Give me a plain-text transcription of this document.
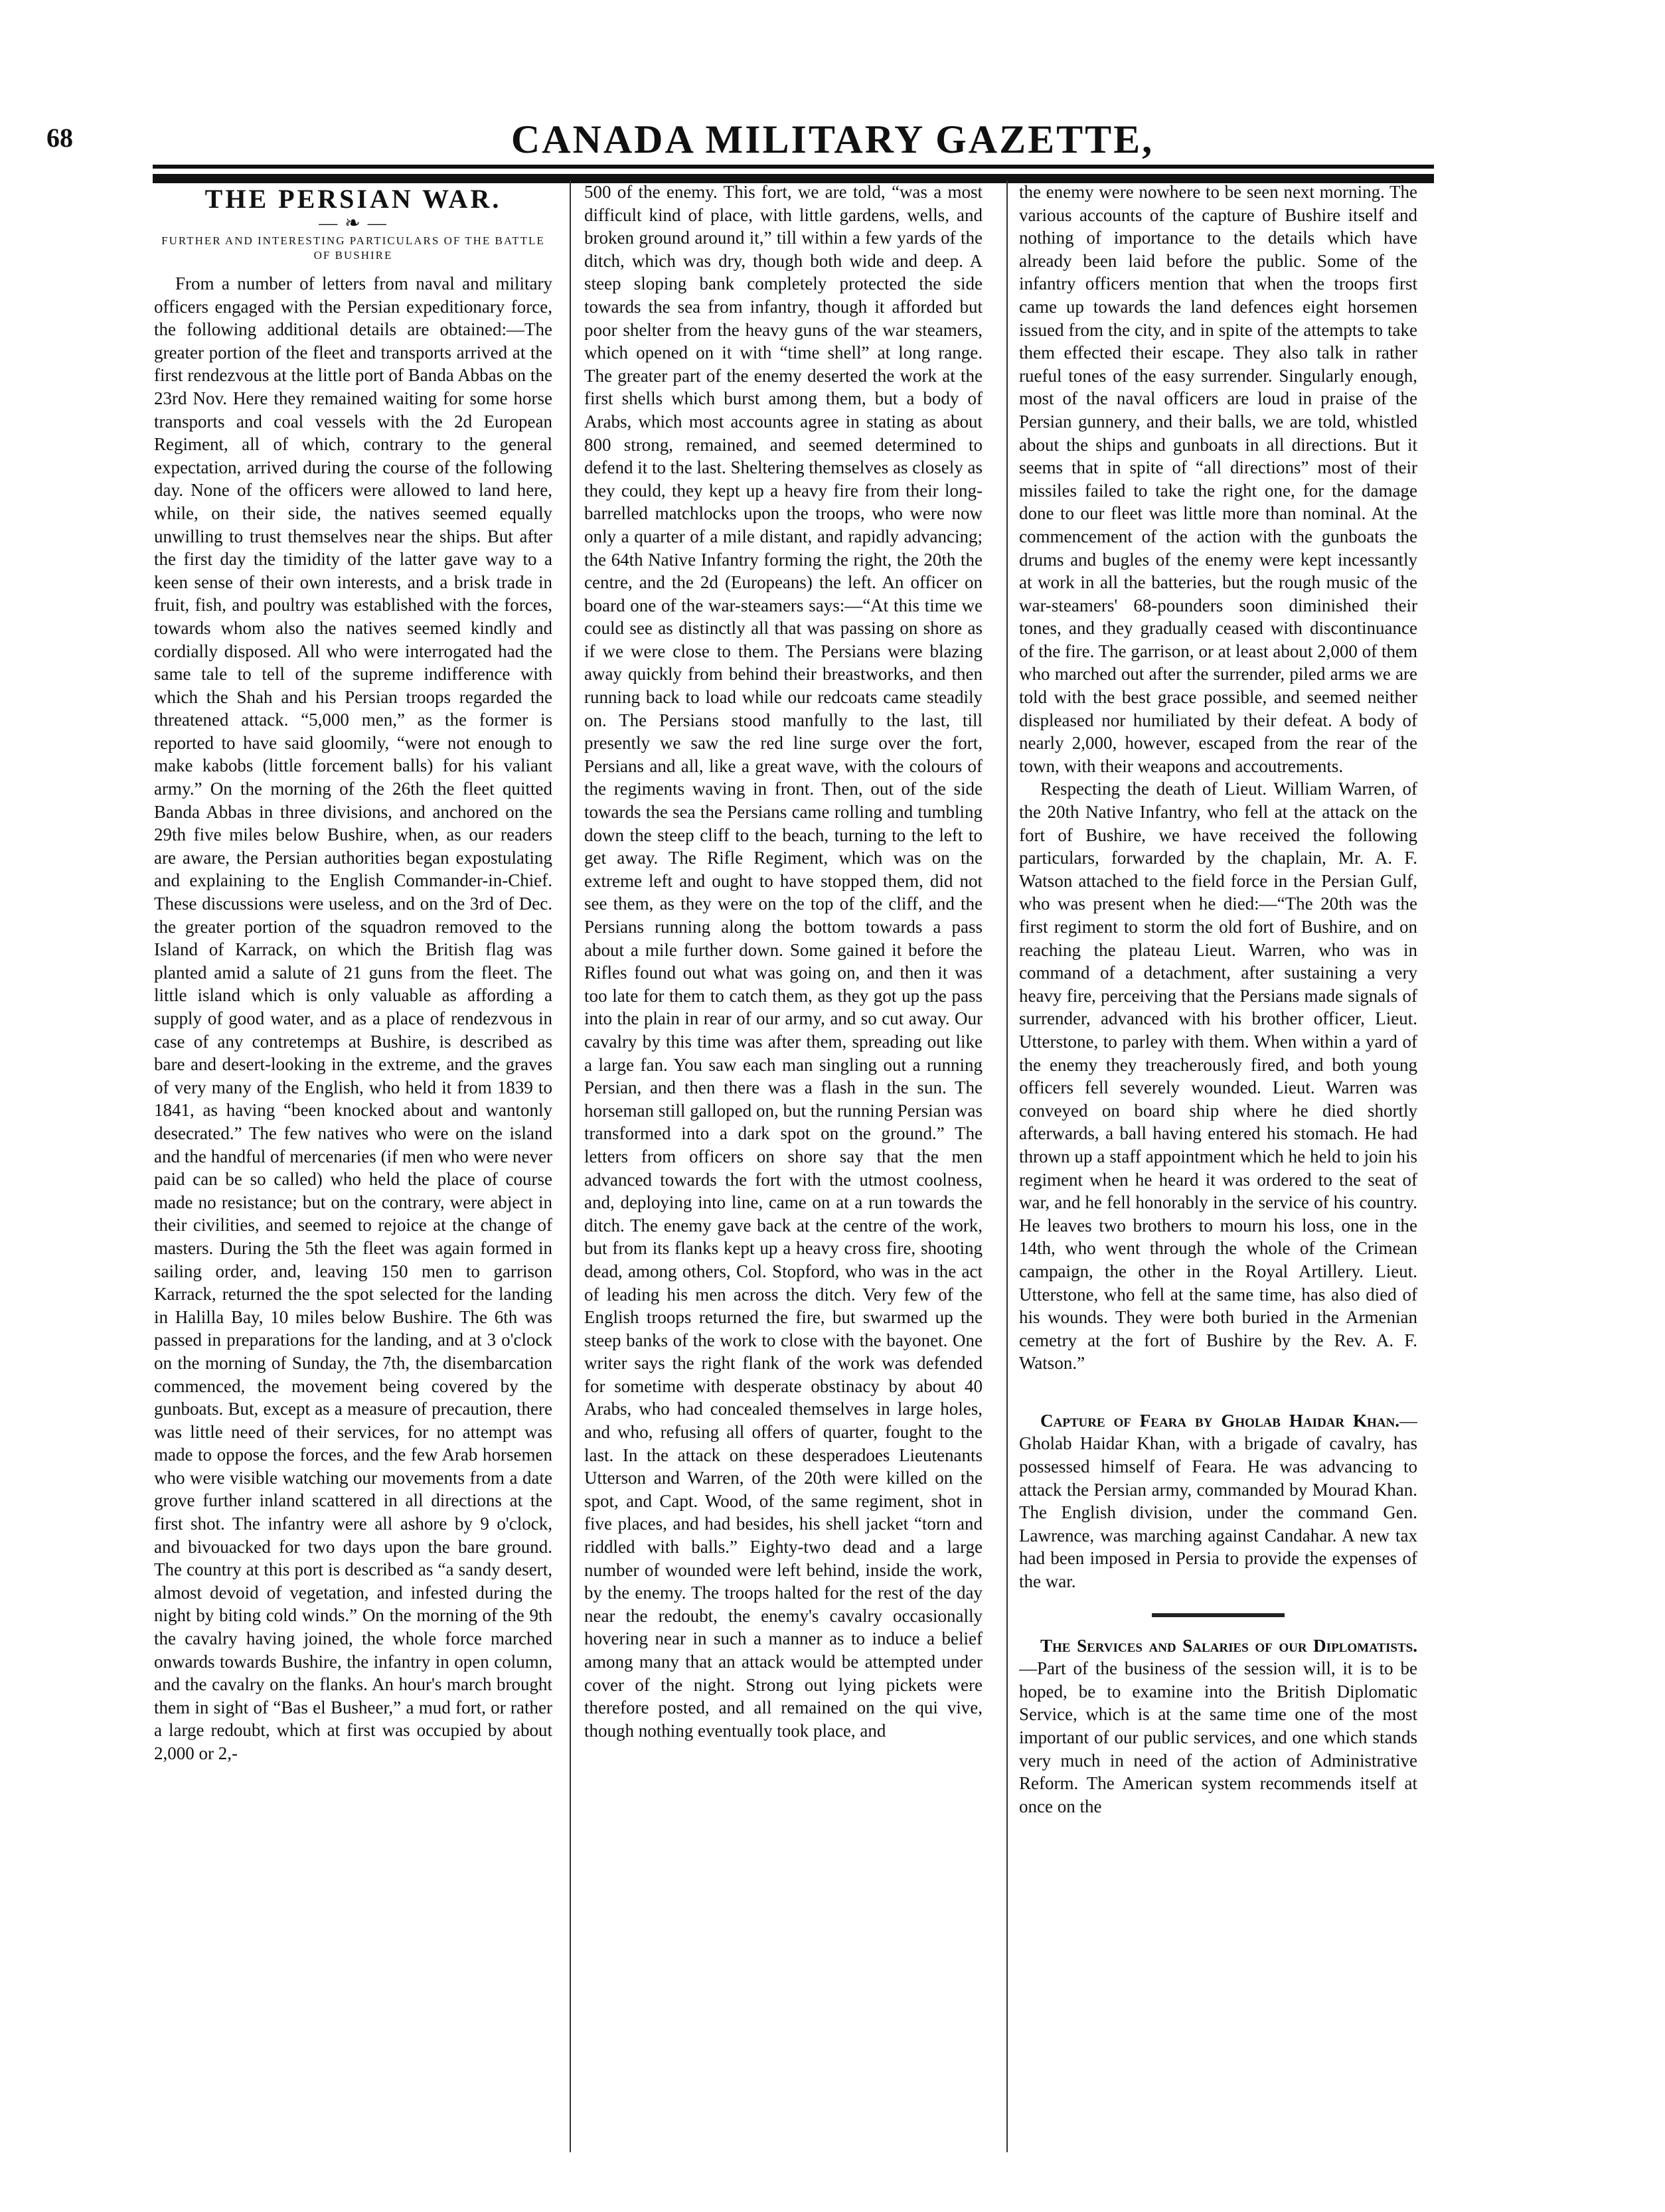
68	CANADA MILITARY GAZETTE,
THE PERSIAN WAR.
— ❧ —
FURTHER AND INTERESTING PARTICULARS OF THE BATTLE OF BUSHIRE

From a number of letters from naval and military officers engaged with the Persian expeditionary force, the following additional details are obtained:—The greater portion of the fleet and transports arrived at the first rendezvous at the little port of Banda Abbas on the 23rd Nov. Here they remained waiting for some horse transports and coal vessels with the 2d European Regiment, all of which, contrary to the general expectation, arrived during the course of the following day. None of the officers were allowed to land here, while, on their side, the natives seemed equally unwilling to trust themselves near the ships. But after the first day the timidity of the latter gave way to a keen sense of their own interests, and a brisk trade in fruit, fish, and poultry was established with the forces, towards whom also the natives seemed kindly and cordially disposed. All who were interrogated had the same tale to tell of the supreme indifference with which the Shah and his Persian troops regarded the threatened attack. “5,000 men,” as the former is reported to have said gloomily, “were not enough to make kabobs (little forcement balls) for his valiant army.” On the morning of the 26th the fleet quitted Banda Abbas in three divisions, and anchored on the 29th five miles below Bushire, when, as our readers are aware, the Persian authorities began expostulating and explaining to the English Commander-in-Chief. These discussions were useless, and on the 3rd of Dec. the greater portion of the squadron removed to the Island of Karrack, on which the British flag was planted amid a salute of 21 guns from the fleet. The little island which is only valuable as affording a supply of good water, and as a place of rendezvous in case of any contretemps at Bushire, is described as bare and desert-looking in the extreme, and the graves of very many of the English, who held it from 1839 to 1841, as having “been knocked about and wantonly desecrated.” The few natives who were on the island and the handful of mercenaries (if men who were never paid can be so called) who held the place of course made no resistance; but on the contrary, were abject in their civilities, and seemed to rejoice at the change of masters. During the 5th the fleet was again formed in sailing order, and, leaving 150 men to garrison Karrack, returned the the spot selected for the landing in Halilla Bay, 10 miles below Bushire. The 6th was passed in preparations for the landing, and at 3 o'clock on the morning of Sunday, the 7th, the disembarcation commenced, the movement being covered by the gunboats. But, except as a measure of precaution, there was little need of their services, for no attempt was made to oppose the forces, and the few Arab horsemen who were visible watching our movements from a date grove further inland scattered in all directions at the first shot. The infantry were all ashore by 9 o'clock, and bivouacked for two days upon the bare ground. The country at this port is described as “a sandy desert, almost devoid of vegetation, and infested during the night by biting cold winds.” On the morning of the 9th the cavalry having joined, the whole force marched onwards towards Bushire, the infantry in open column, and the cavalry on the flanks. An hour's march brought them in sight of “Bas el Busheer,” a mud fort, or rather a large redoubt, which at first was occupied by about 2,000 or 2,-

500 of the enemy. This fort, we are told, “was a most difficult kind of place, with little gardens, wells, and broken ground around it,” till within a few yards of the ditch, which was dry, though both wide and deep. A steep sloping bank completely protected the side towards the sea from infantry, though it afforded but poor shelter from the heavy guns of the war steamers, which opened on it with “time shell” at long range. The greater part of the enemy deserted the work at the first shells which burst among them, but a body of Arabs, which most accounts agree in stating as about 800 strong, remained, and seemed determined to defend it to the last. Sheltering themselves as closely as they could, they kept up a heavy fire from their long-barrelled matchlocks upon the troops, who were now only a quarter of a mile distant, and rapidly advancing; the 64th Native Infantry forming the right, the 20th the centre, and the 2d (Europeans) the left. An officer on board one of the war-steamers says:—“At this time we could see as distinctly all that was passing on shore as if we were close to them. The Persians were blazing away quickly from behind their breastworks, and then running back to load while our redcoats came steadily on. The Persians stood manfully to the last, till presently we saw the red line surge over the fort, Persians and all, like a great wave, with the colours of the regiments waving in front. Then, out of the side towards the sea the Persians came rolling and tumbling down the steep cliff to the beach, turning to the left to get away. The Rifle Regiment, which was on the extreme left and ought to have stopped them, did not see them, as they were on the top of the cliff, and the Persians running along the bottom towards a pass about a mile further down. Some gained it before the Rifles found out what was going on, and then it was too late for them to catch them, as they got up the pass into the plain in rear of our army, and so cut away. Our cavalry by this time was after them, spreading out like a large fan. You saw each man singling out a running Persian, and then there was a flash in the sun. The horseman still galloped on, but the running Persian was transformed into a dark spot on the ground.” The letters from officers on shore say that the men advanced towards the fort with the utmost coolness, and, deploying into line, came on at a run towards the ditch. The enemy gave back at the centre of the work, but from its flanks kept up a heavy cross fire, shooting dead, among others, Col. Stopford, who was in the act of leading his men across the ditch. Very few of the English troops returned the fire, but swarmed up the steep banks of the work to close with the bayonet. One writer says the right flank of the work was defended for sometime with desperate obstinacy by about 40 Arabs, who had concealed themselves in large holes, and who, refusing all offers of quarter, fought to the last. In the attack on these desperadoes Lieutenants Utterson and Warren, of the 20th were killed on the spot, and Capt. Wood, of the same regiment, shot in five places, and had besides, his shell jacket “torn and riddled with balls.” Eighty-two dead and a large number of wounded were left behind, inside the work, by the enemy. The troops halted for the rest of the day near the redoubt, the enemy's cavalry occasionally hovering near in such a manner as to induce a belief among many that an attack would be attempted under cover of the night. Strong out lying pickets were therefore posted, and all remained on the qui vive, though nothing eventually took place, and

the enemy were nowhere to be seen next morning. The various accounts of the capture of Bushire itself and nothing of importance to the details which have already been laid before the public. Some of the infantry officers mention that when the troops first came up towards the land defences eight horsemen issued from the city, and in spite of the attempts to take them effected their escape. They also talk in rather rueful tones of the easy surrender. Singularly enough, most of the naval officers are loud in praise of the Persian gunnery, and their balls, we are told, whistled about the ships and gunboats in all directions. But it seems that in spite of “all directions” most of their missiles failed to take the right one, for the damage done to our fleet was little more than nominal. At the commencement of the action with the gunboats the drums and bugles of the enemy were kept incessantly at work in all the batteries, but the rough music of the war-steamers' 68-pounders soon diminished their tones, and they gradually ceased with discontinuance of the fire. The garrison, or at least about 2,000 of them who marched out after the surrender, piled arms we are told with the best grace possible, and seemed neither displeased nor humiliated by their defeat. A body of nearly 2,000, however, escaped from the rear of the town, with their weapons and accoutrements.

Respecting the death of Lieut. William Warren, of the 20th Native Infantry, who fell at the attack on the fort of Bushire, we have received the following particulars, forwarded by the chaplain, Mr. A. F. Watson attached to the field force in the Persian Gulf, who was present when he died:—“The 20th was the first regiment to storm the old fort of Bushire, and on reaching the plateau Lieut. Warren, who was in command of a detachment, after sustaining a very heavy fire, perceiving that the Persians made signals of surrender, advanced with his brother officer, Lieut. Utterstone, to parley with them. When within a yard of the enemy they treacherously fired, and both young officers fell severely wounded. Lieut. Warren was conveyed on board ship where he died shortly afterwards, a ball having entered his stomach. He had thrown up a staff appointment which he held to join his regiment when he heard it was ordered to the seat of war, and he fell honorably in the service of his country. He leaves two brothers to mourn his loss, one in the 14th, who went through the whole of the Crimean campaign, the other in the Royal Artillery. Lieut. Utterstone, who fell at the same time, has also died of his wounds. They were both buried in the Armenian cemetry at the fort of Bushire by the Rev. A. F. Watson.”

Capture of Feara by Gholab Haidar Khan.—Gholab Haidar Khan, with a brigade of cavalry, has possessed himself of Feara. He was advancing to attack the Persian army, commanded by Mourad Khan. The English division, under the command Gen. Lawrence, was marching against Candahar. A new tax had been imposed in Persia to provide the expenses of the war.

The Services and Salaries of our Diplomatists.—Part of the business of the session will, it is to be hoped, be to examine into the British Diplomatic Service, which is at the same time one of the most important of our public services, and one which stands very much in need of the action of Administrative Reform. The American system recommends itself at once on the
